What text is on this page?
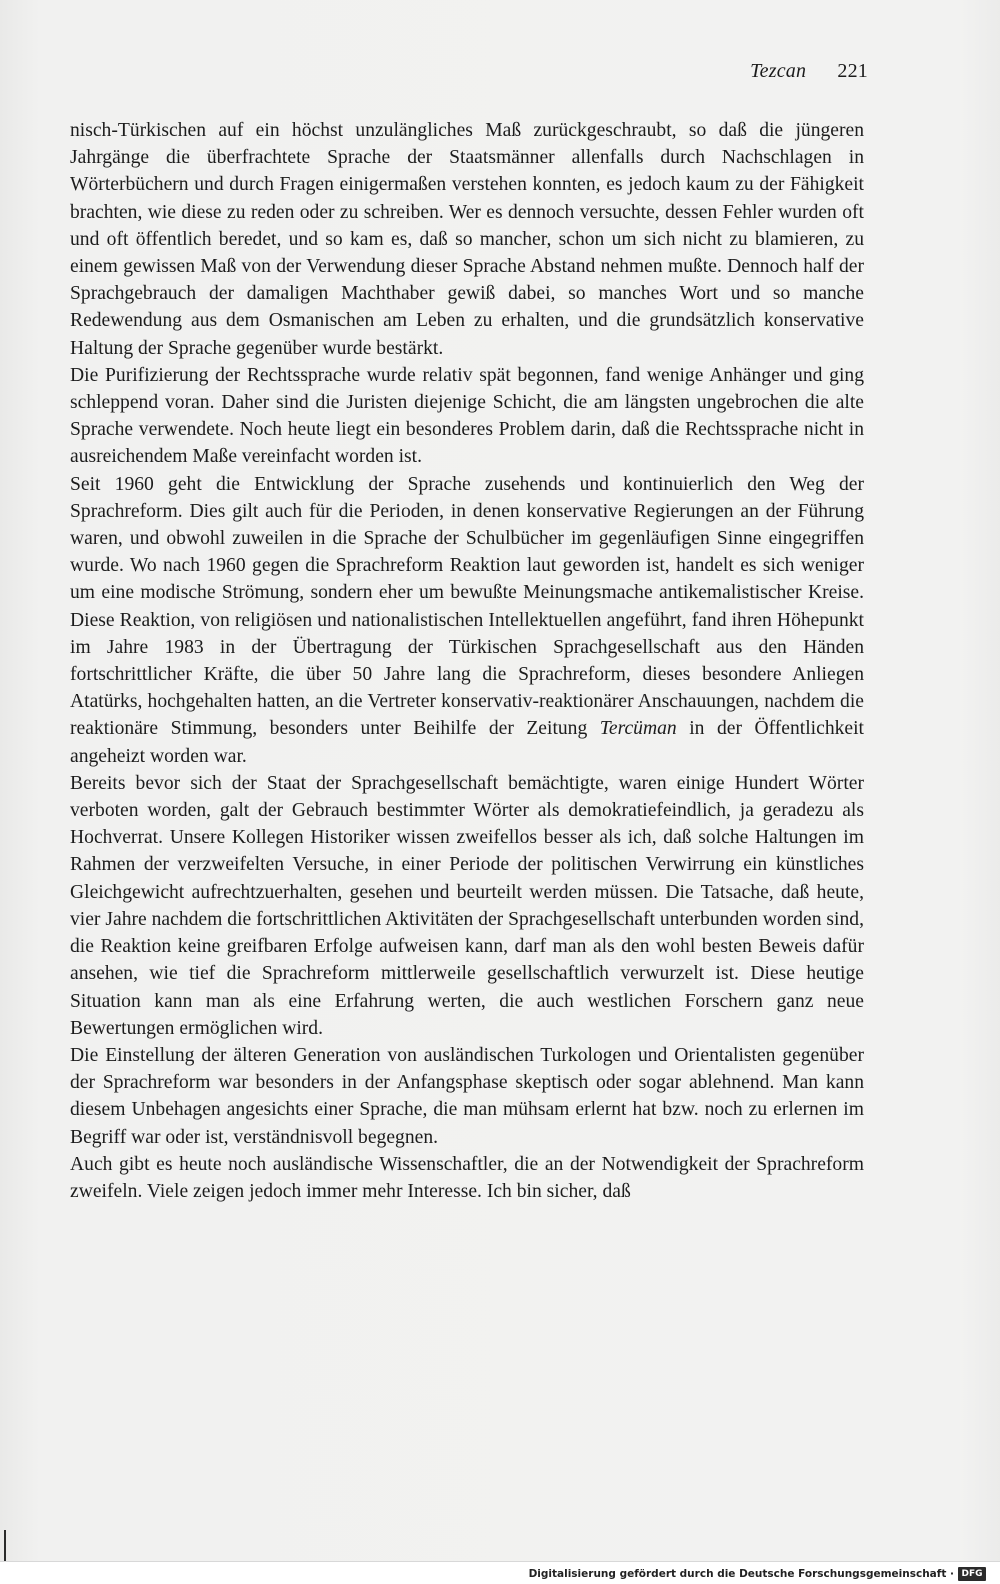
Tezcan 221

nisch-Türkischen auf ein höchst unzulängliches Maß zurückgeschraubt, so daß die jüngeren Jahrgänge die überfrachtete Sprache der Staatsmänner allenfalls durch Nachschlagen in Wörterbüchern und durch Fragen einigermaßen verstehen konnten, es jedoch kaum zu der Fähigkeit brachten, wie diese zu reden oder zu schreiben. Wer es dennoch versuchte, dessen Fehler wurden oft und oft öffentlich beredet, und so kam es, daß so mancher, schon um sich nicht zu blamieren, zu einem gewissen Maß von der Verwendung dieser Sprache Abstand nehmen mußte. Dennoch half der Sprachgebrauch der damaligen Machthaber gewiß dabei, so manches Wort und so manche Redewendung aus dem Osmanischen am Leben zu erhalten, und die grundsätzlich konservative Haltung der Sprache gegenüber wurde bestärkt.

Die Purifizierung der Rechtssprache wurde relativ spät begonnen, fand wenige Anhänger und ging schleppend voran. Daher sind die Juristen diejenige Schicht, die am längsten ungebrochen die alte Sprache verwendete. Noch heute liegt ein besonderes Problem darin, daß die Rechtssprache nicht in ausreichendem Maße vereinfacht worden ist.

Seit 1960 geht die Entwicklung der Sprache zusehends und kontinuierlich den Weg der Sprachreform. Dies gilt auch für die Perioden, in denen konservative Regierungen an der Führung waren, und obwohl zuweilen in die Sprache der Schulbücher im gegenläufigen Sinne eingegriffen wurde. Wo nach 1960 gegen die Sprachreform Reaktion laut geworden ist, handelt es sich weniger um eine modische Strömung, sondern eher um bewußte Meinungsmache antikemalistischer Kreise. Diese Reaktion, von religiösen und nationalistischen Intellektuellen angeführt, fand ihren Höhepunkt im Jahre 1983 in der Übertragung der Türkischen Sprachgesellschaft aus den Händen fortschrittlicher Kräfte, die über 50 Jahre lang die Sprachreform, dieses besondere Anliegen Atatürks, hochgehalten hatten, an die Vertreter konservativ-reaktionärer Anschauungen, nachdem die reaktionäre Stimmung, besonders unter Beihilfe der Zeitung Tercüman in der Öffentlichkeit angeheizt worden war.

Bereits bevor sich der Staat der Sprachgesellschaft bemächtigte, waren einige Hundert Wörter verboten worden, galt der Gebrauch bestimmter Wörter als demokratiefeindlich, ja geradezu als Hochverrat. Unsere Kollegen Historiker wissen zweifellos besser als ich, daß solche Haltungen im Rahmen der verzweifelten Versuche, in einer Periode der politischen Verwirrung ein künstliches Gleichgewicht aufrechtzuerhalten, gesehen und beurteilt werden müssen. Die Tatsache, daß heute, vier Jahre nachdem die fortschrittlichen Aktivitäten der Sprachgesellschaft unterbunden worden sind, die Reaktion keine greifbaren Erfolge aufweisen kann, darf man als den wohl besten Beweis dafür ansehen, wie tief die Sprachreform mittlerweile gesellschaftlich verwurzelt ist. Diese heutige Situation kann man als eine Erfahrung werten, die auch westlichen Forschern ganz neue Bewertungen ermöglichen wird.

Die Einstellung der älteren Generation von ausländischen Turkologen und Orientalisten gegenüber der Sprachreform war besonders in der Anfangsphase skeptisch oder sogar ablehnend. Man kann diesem Unbehagen angesichts einer Sprache, die man mühsam erlernt hat bzw. noch zu erlernen im Begriff war oder ist, verständnisvoll begegnen.

Auch gibt es heute noch ausländische Wissenschaftler, die an der Notwendigkeit der Sprachreform zweifeln. Viele zeigen jedoch immer mehr Interesse. Ich bin sicher, daß

Digitalisierung gefördert durch die Deutsche Forschungsgemeinschaft · DFG
